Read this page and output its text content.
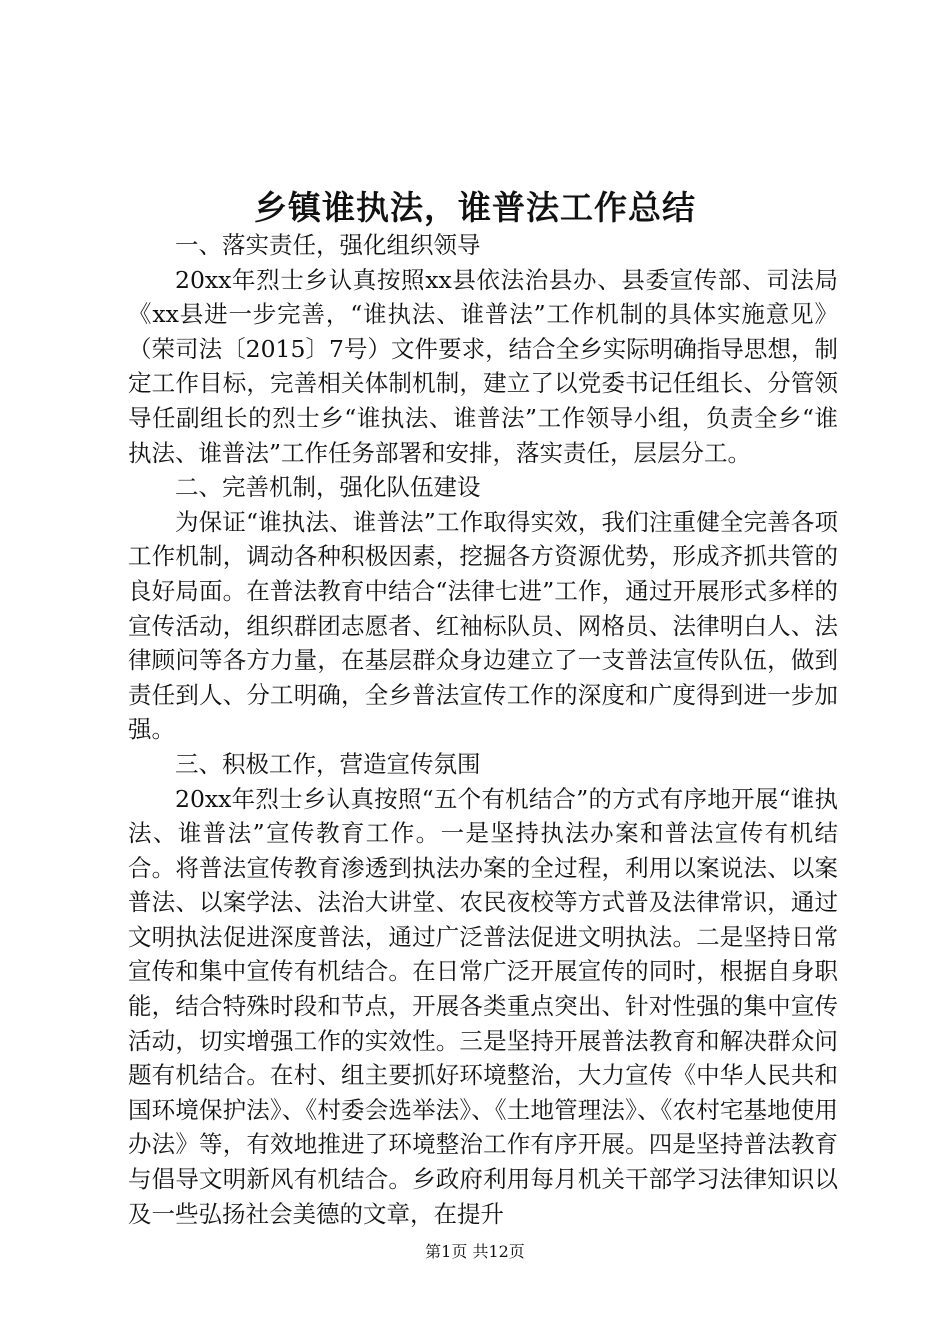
乡镇谁执法，谁普法工作总结

一、落实责任，强化组织领导

20xx年烈士乡认真按照xx县依法治县办、县委宣传部、司法局《xx县进一步完善，“谁执法、谁普法”工作机制的具体实施意见》（荣司法〔2015〕7号）文件要求，结合全乡实际明确指导思想，制定工作目标，完善相关体制机制，建立了以党委书记任组长、分管领导任副组长的烈士乡“谁执法、谁普法”工作领导小组，负责全乡“谁执法、谁普法”工作任务部署和安排，落实责任，层层分工。

二、完善机制，强化队伍建设

为保证“谁执法、谁普法”工作取得实效，我们注重健全完善各项工作机制，调动各种积极因素，挖掘各方资源优势，形成齐抓共管的良好局面。在普法教育中结合“法律七进”工作，通过开展形式多样的宣传活动，组织群团志愿者、红袖标队员、网格员、法律明白人、法律顾问等各方力量，在基层群众身边建立了一支普法宣传队伍，做到责任到人、分工明确，全乡普法宣传工作的深度和广度得到进一步加强。

三、积极工作，营造宣传氛围

20xx年烈士乡认真按照“五个有机结合”的方式有序地开展“谁执法、谁普法”宣传教育工作。一是坚持执法办案和普法宣传有机结合。将普法宣传教育渗透到执法办案的全过程，利用以案说法、以案普法、以案学法、法治大讲堂、农民夜校等方式普及法律常识，通过文明执法促进深度普法，通过广泛普法促进文明执法。二是坚持日常宣传和集中宣传有机结合。在日常广泛开展宣传的同时，根据自身职能，结合特殊时段和节点，开展各类重点突出、针对性强的集中宣传活动，切实增强工作的实效性。三是坚持开展普法教育和解决群众问题有机结合。在村、组主要抓好环境整治，大力宣传《中华人民共和国环境保护法》、《村委会选举法》、《土地管理法》、《农村宅基地使用办法》等，有效地推进了环境整治工作有序开展。四是坚持普法教育与倡导文明新风有机结合。乡政府利用每月机关干部学习法律知识以及一些弘扬社会美德的文章，在提升

第1页 共12页
